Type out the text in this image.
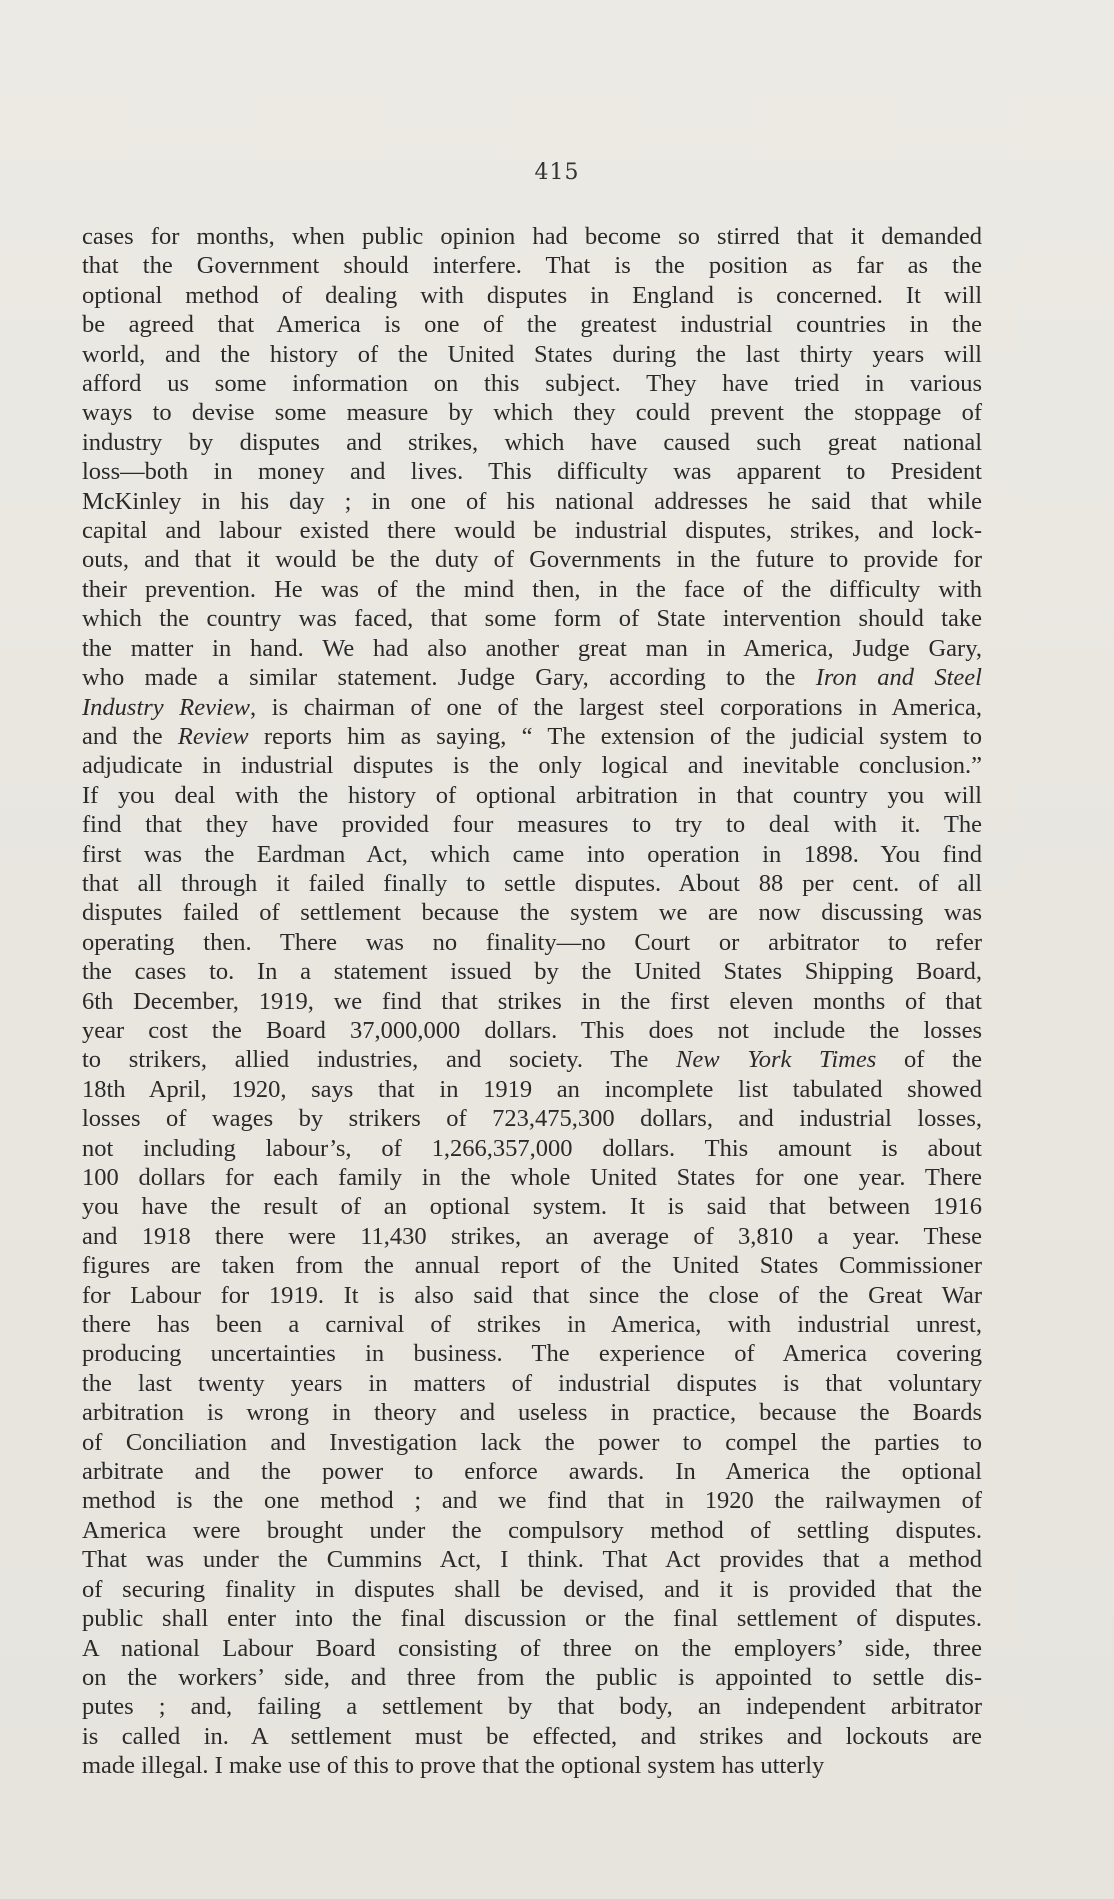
415
cases for months, when public opinion had become so stirred that it demanded
that the Government should interfere. That is the position as far as the
optional method of dealing with disputes in England is concerned. It will
be agreed that America is one of the greatest industrial countries in the
world, and the history of the United States during the last thirty years will
afford us some information on this subject. They have tried in various
ways to devise some measure by which they could prevent the stoppage of
industry by disputes and strikes, which have caused such great national
loss—both in money and lives. This difficulty was apparent to President
McKinley in his day ; in one of his national addresses he said that while
capital and labour existed there would be industrial disputes, strikes, and lock-
outs, and that it would be the duty of Governments in the future to provide for
their prevention. He was of the mind then, in the face of the difficulty with
which the country was faced, that some form of State intervention should take
the matter in hand. We had also another great man in America, Judge Gary,
who made a similar statement. Judge Gary, according to the Iron and Steel
Industry Review, is chairman of one of the largest steel corporations in America,
and the Review reports him as saying, “ The extension of the judicial system to
adjudicate in industrial disputes is the only logical and inevitable conclusion.”
If you deal with the history of optional arbitration in that country you will
find that they have provided four measures to try to deal with it. The
first was the Eardman Act, which came into operation in 1898. You find
that all through it failed finally to settle disputes. About 88 per cent. of all
disputes failed of settlement because the system we are now discussing was
operating then. There was no finality—no Court or arbitrator to refer
the cases to. In a statement issued by the United States Shipping Board,
6th December, 1919, we find that strikes in the first eleven months of that
year cost the Board 37,000,000 dollars. This does not include the losses
to strikers, allied industries, and society. The New York Times of the
18th April, 1920, says that in 1919 an incomplete list tabulated showed
losses of wages by strikers of 723,475,300 dollars, and industrial losses,
not including labour’s, of 1,266,357,000 dollars. This amount is about
100 dollars for each family in the whole United States for one year. There
you have the result of an optional system. It is said that between 1916
and 1918 there were 11,430 strikes, an average of 3,810 a year. These
figures are taken from the annual report of the United States Commissioner
for Labour for 1919. It is also said that since the close of the Great War
there has been a carnival of strikes in America, with industrial unrest,
producing uncertainties in business. The experience of America covering
the last twenty years in matters of industrial disputes is that voluntary
arbitration is wrong in theory and useless in practice, because the Boards
of Conciliation and Investigation lack the power to compel the parties to
arbitrate and the power to enforce awards. In America the optional
method is the one method ; and we find that in 1920 the railwaymen of
America were brought under the compulsory method of settling disputes.
That was under the Cummins Act, I think. That Act provides that a method
of securing finality in disputes shall be devised, and it is provided that the
public shall enter into the final discussion or the final settlement of disputes.
A national Labour Board consisting of three on the employers’ side, three
on the workers’ side, and three from the public is appointed to settle dis-
putes ; and, failing a settlement by that body, an independent arbitrator
is called in. A settlement must be effected, and strikes and lockouts are
made illegal. I make use of this to prove that the optional system has utterly
